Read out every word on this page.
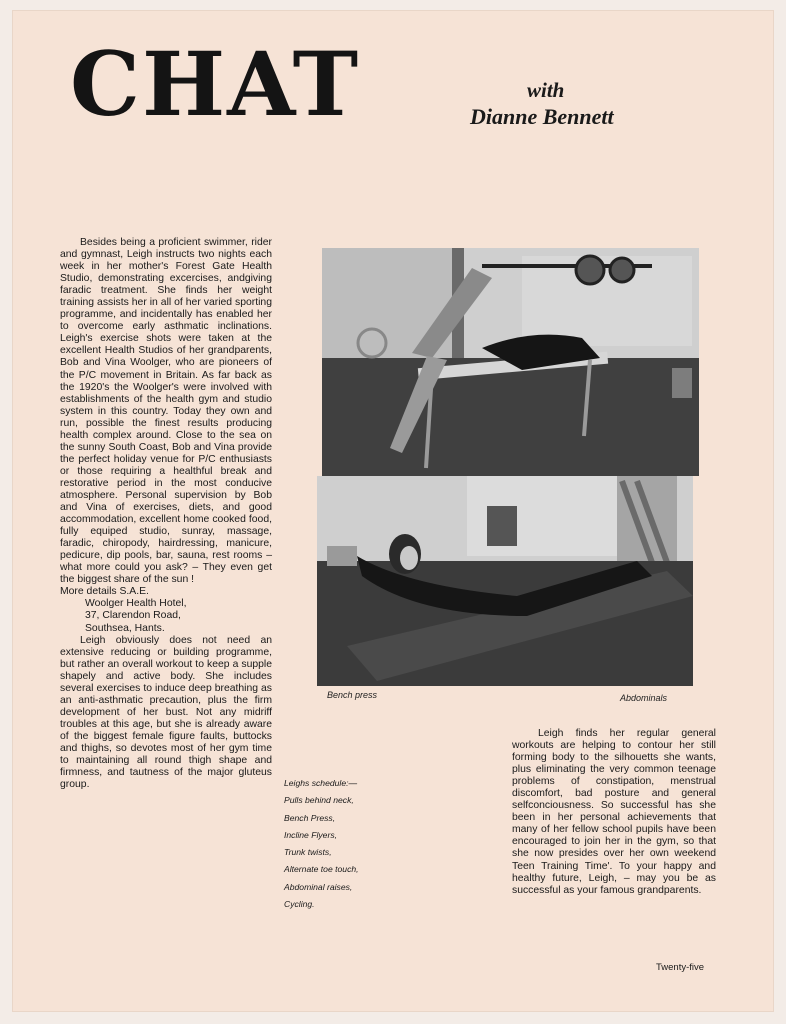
CHAT	with
Dianne Bennett

Besides being a proficient swimmer, rider and gymnast, Leigh instructs two nights each week in her mother's Forest Gate Health Studio, demonstrating excercises, andgiving faradic treatment. She finds her weight training assists her in all of her varied sporting programme, and incidentally has enabled her to overcome early asthmatic inclinations. Leigh's exercise shots were taken at the excellent Health Studios of her grandparents, Bob and Vina Woolger, who are pioneers of the P/C movement in Britain. As far back as the 1920's the Woolger's were involved with establishments of the health gym and studio system in this country. Today they own and run, possible the finest results producing health complex around. Close to the sea on the sunny South Coast, Bob and Vina provide the perfect holiday venue for P/C enthusiasts or those requiring a healthful break and restorative period in the most conducive atmosphere. Personal supervision by Bob and Vina of exercises, diets, and good accommodation, excellent home cooked food, fully equiped studio, sunray, massage, faradic, chiropody, hairdressing, manicure, pedicure, dip pools, bar, sauna, rest rooms – what more could you ask? – They even get the biggest share of the sun !

More details S.A.E.
Woolger Health Hotel,
37, Clarendon Road,
Southsea, Hants.

Leigh obviously does not need an extensive reducing or building programme, but rather an overall workout to keep a supple shapely and active body. She includes several exercises to induce deep breathing as an anti-asthmatic precaution, plus the firm development of her bust. Not any midriff troubles at this age, but she is already aware of the biggest female figure faults, buttocks and thighs, so devotes most of her gym time to maintaining all round thigh shape and firmness, and tautness of the major gluteus group.

Bench press	Abdominals
Leighs schedule:—
Pulls behind neck,
Bench Press,
Incline Flyers,
Trunk twists,
Alternate toe touch,
Abdominal raises,
Cycling.

Leigh finds her regular general workouts are helping to contour her still forming body to the silhouetts she wants, plus eliminating the very common teenage problems of constipation, menstrual discomfort, bad posture and general selfconciousness. So successful has she been in her personal achievements that many of her fellow school pupils have been encouraged to join her in the gym, so that she now presides over her own weekend Teen Training Time'. To your happy and healthy future, Leigh, – may you be as successful as your famous grandparents.

Twenty-five
